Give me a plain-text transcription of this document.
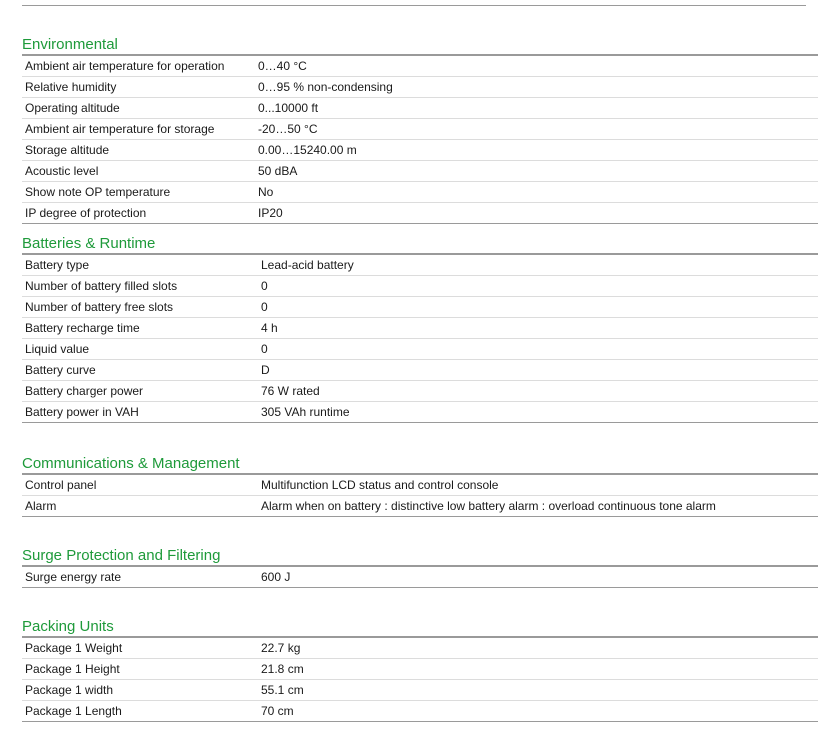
Environmental
Ambient air temperature for operation	0…40 °C
Relative humidity	0…95 % non-condensing
Operating altitude	0...10000 ft
Ambient air temperature for storage	-20…50 °C
Storage altitude	0.00…15240.00 m
Acoustic level	50 dBA
Show note OP temperature	No
IP degree of protection	IP20
Batteries & Runtime
Battery type	Lead-acid battery
Number of battery filled slots	0
Number of battery free slots	0
Battery recharge time	4 h
Liquid value	0
Battery curve	D
Battery charger power	76 W rated
Battery power in VAH	305 VAh runtime
Communications & Management
Control panel	Multifunction LCD status and control console
Alarm	Alarm when on battery : distinctive low battery alarm : overload continuous tone alarm
Surge Protection and Filtering
Surge energy rate	600 J
Packing Units
Package 1 Weight	22.7 kg
Package 1 Height	21.8 cm
Package 1 width	55.1 cm
Package 1 Length	70 cm
